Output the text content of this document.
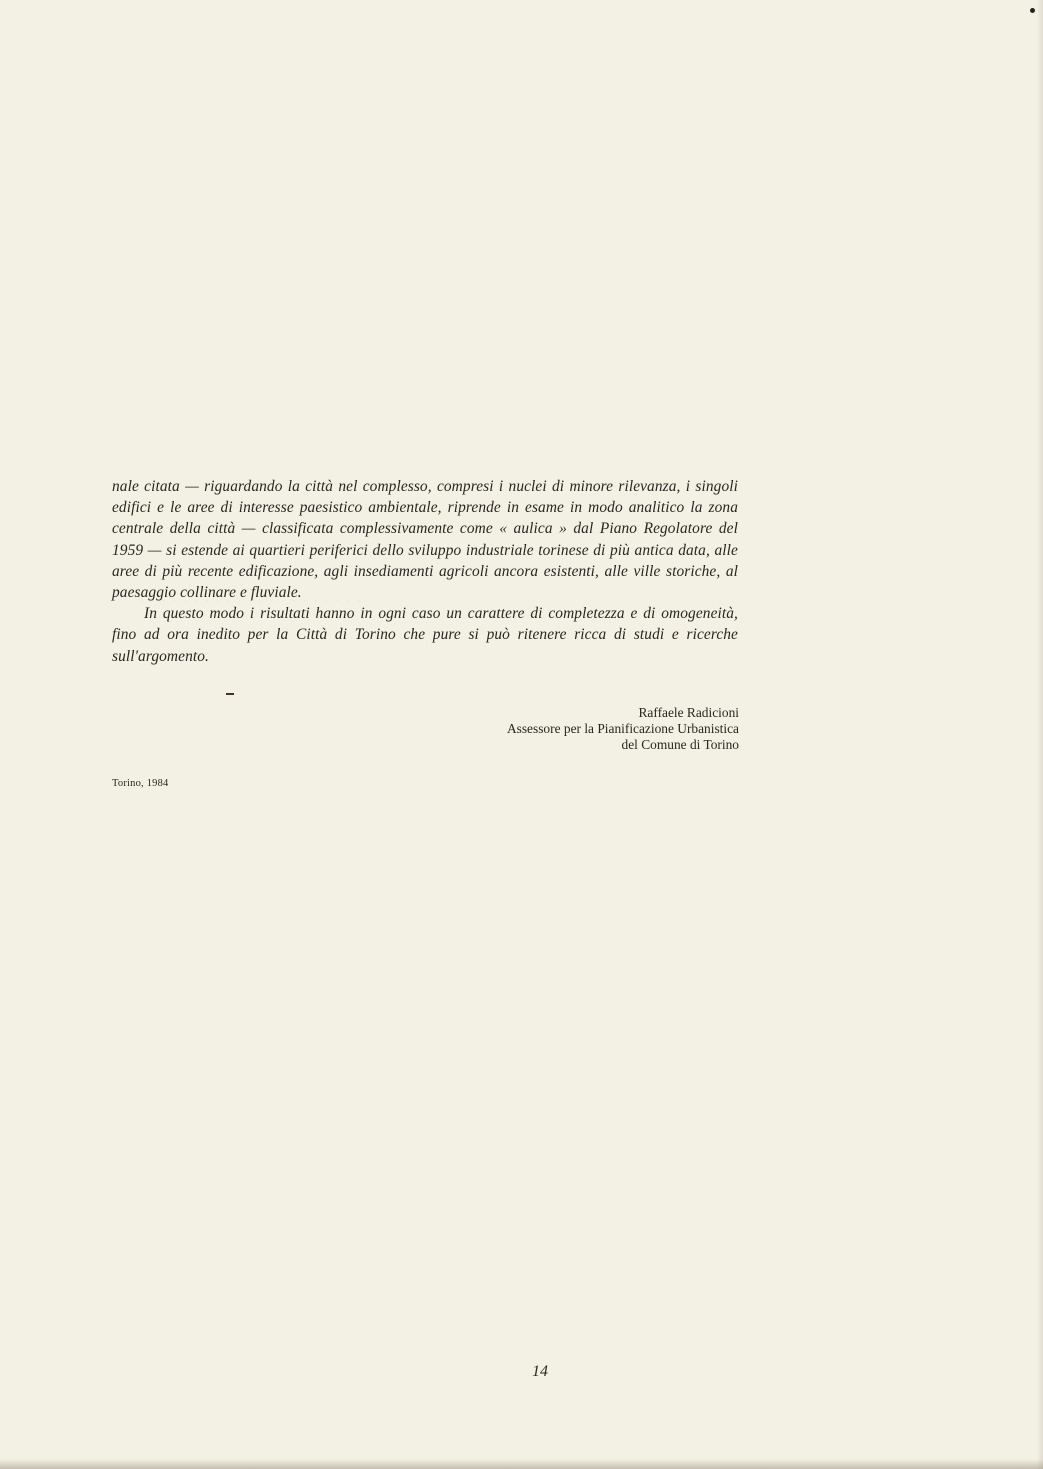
nale citata — riguardando la città nel complesso, compresi i nuclei di minore rilevanza, i singoli edifici e le aree di interesse paesistico ambientale, riprende in esame in modo analitico la zona centrale della città — classificata complessivamente come « aulica » dal Piano Regolatore del 1959 — si estende ai quartieri periferici dello sviluppo industriale torinese di più antica data, alle aree di più recente edificazione, agli insediamenti agricoli ancora esistenti, alle ville storiche, al paesaggio collinare e fluviale.

In questo modo i risultati hanno in ogni caso un carattere di completezza e di omogeneità, fino ad ora inedito per la Città di Torino che pure si può ritenere ricca di studi e ricerche sull'argomento.

Raffaele Radicioni
Assessore per la Pianificazione Urbanistica
del Comune di Torino
Torino, 1984
14
